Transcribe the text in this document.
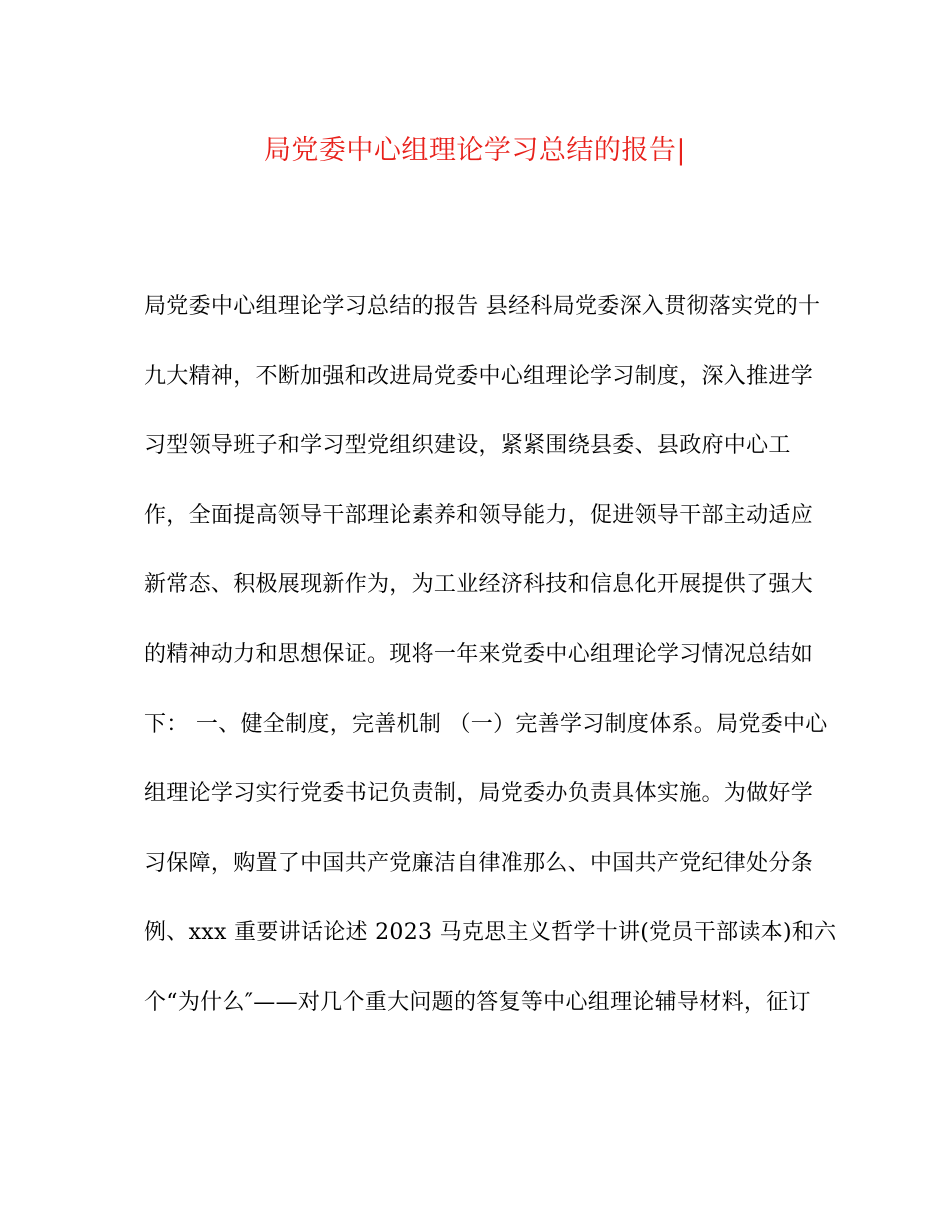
局党委中心组理论学习总结的报告|
局党委中心组理论学习总结的报告 县经科局党委深入贯彻落实党的十
九大精神，不断加强和改进局党委中心组理论学习制度，深入推进学
习型领导班子和学习型党组织建设，紧紧围绕县委、县政府中心工
作，全面提高领导干部理论素养和领导能力，促进领导干部主动适应
新常态、积极展现新作为，为工业经济科技和信息化开展提供了强大
的精神动力和思想保证。现将一年来党委中心组理论学习情况总结如
下： 一、健全制度，完善机制 （一）完善学习制度体系。局党委中心
组理论学习实行党委书记负责制，局党委办负责具体实施。为做好学
习保障，购置了中国共产党廉洁自律准那么、中国共产党纪律处分条
例、xxx 重要讲话论述 2023 马克思主义哲学十讲(党员干部读本)和六
个“为什么″——对几个重大问题的答复等中心组理论辅导材料，征订
